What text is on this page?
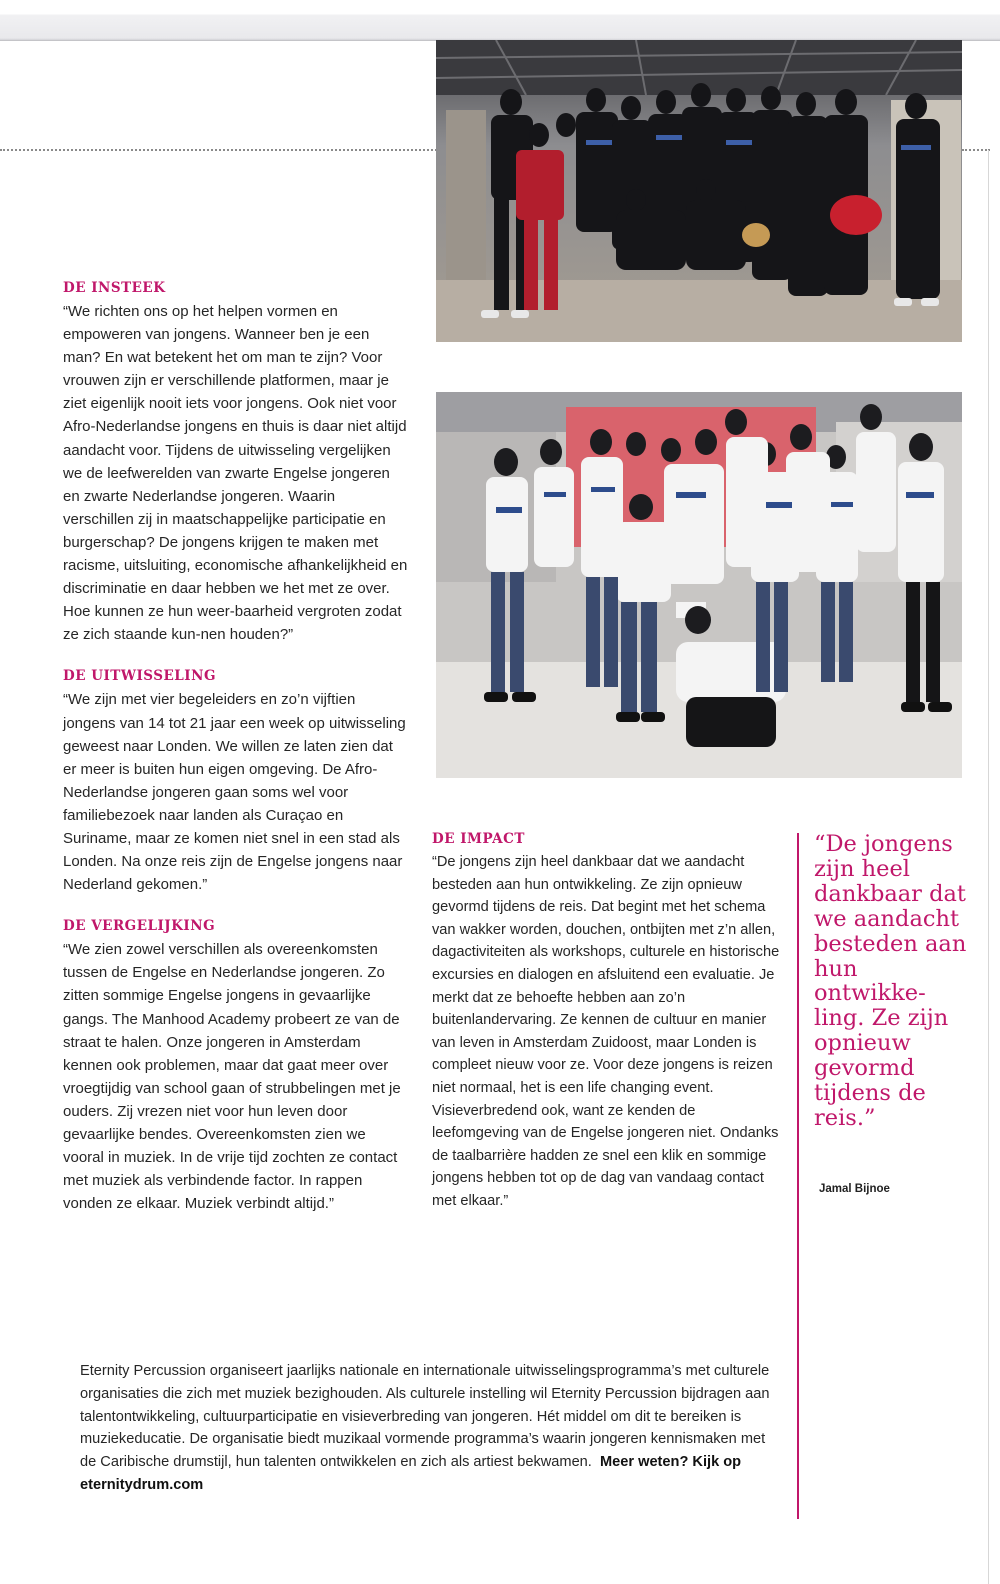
DE INSTEEK

“We richten ons op het helpen vormen en empoweren van jongens. Wanneer ben je een man? En wat betekent het om man te zijn? Voor vrouwen zijn er verschillende platformen, maar je ziet eigenlijk nooit iets voor jongens. Ook niet voor Afro-Nederlandse jongens en thuis is daar niet altijd aandacht voor. Tijdens de uitwisseling vergelijken we de leefwerelden van zwarte Engelse jongeren en zwarte Nederlandse jongeren. Waarin verschillen zij in maatschappelijke participatie en burgerschap? De jongens krijgen te maken met racisme, uitsluiting, economische afhankelijkheid en discriminatie en daar hebben we het met ze over. Hoe kunnen ze hun weer-baarheid vergroten zodat ze zich staande kun-nen houden?”

DE UITWISSELING

“We zijn met vier begeleiders en zo’n vijftien jongens van 14 tot 21 jaar een week op uitwisseling geweest naar Londen. We willen ze laten zien dat er meer is buiten hun eigen omgeving. De Afro-Nederlandse jongeren gaan soms wel voor familiebezoek naar landen als Curaçao en Suriname, maar ze komen niet snel in een stad als Londen. Na onze reis zijn de Engelse jongens naar Nederland gekomen.”

DE VERGELIJKING

“We zien zowel verschillen als overeenkomsten tussen de Engelse en Nederlandse jongeren. Zo zitten sommige Engelse jongens in gevaarlijke gangs. The Manhood Academy probeert ze van de straat te halen. Onze jongeren in Amsterdam kennen ook problemen, maar dat gaat meer over vroegtijdig van school gaan of strubbelingen met je ouders. Zij vrezen niet voor hun leven door gevaarlijke bendes. Overeenkomsten zien we vooral in muziek. In de vrije tijd zochten ze contact met muziek als verbindende factor. In rappen vonden ze elkaar. Muziek verbindt altijd.”

DE IMPACT

“De jongens zijn heel dankbaar dat we aandacht besteden aan hun ontwikkeling. Ze zijn opnieuw gevormd tijdens de reis. Dat begint met het schema van wakker worden, douchen, ontbijten met z’n allen, dagactiviteiten als workshops, culturele en historische excursies en dialogen en afsluitend een evaluatie. Je merkt dat ze behoefte hebben aan zo’n buitenlandervaring. Ze kennen de cultuur en manier van leven in Amsterdam Zuidoost, maar Londen is compleet nieuw voor ze. Voor deze jongens is reizen niet normaal, het is een life changing event. Visieverbredend ook, want ze kenden de leefomgeving van de Engelse jongeren niet. Ondanks de taalbarrière hadden ze snel een klik en sommige jongens hebben tot op de dag van vandaag contact met elkaar.”

“De jongens zijn heel dankbaar dat we aandacht besteden aan hun ontwikke-ling. Ze zijn opnieuw gevormd tijdens de reis.”

Jamal Bijnoe

Eternity Percussion organiseert jaarlijks nationale en internationale uitwisselingsprogramma’s met culturele organisaties die zich met muziek bezighouden. Als culturele instelling wil Eternity Percussion bijdragen aan talentontwikkeling, cultuurparticipatie en visieverbreding van jongeren. Hét middel om dit te bereiken is muziekeducatie. De organisatie biedt muzikaal vormende programma’s waarin jongeren kennismaken met de Caribische drumstijl, hun talenten ontwikkelen en zich als artiest bekwamen. Meer weten? Kijk op eternitydrum.com
